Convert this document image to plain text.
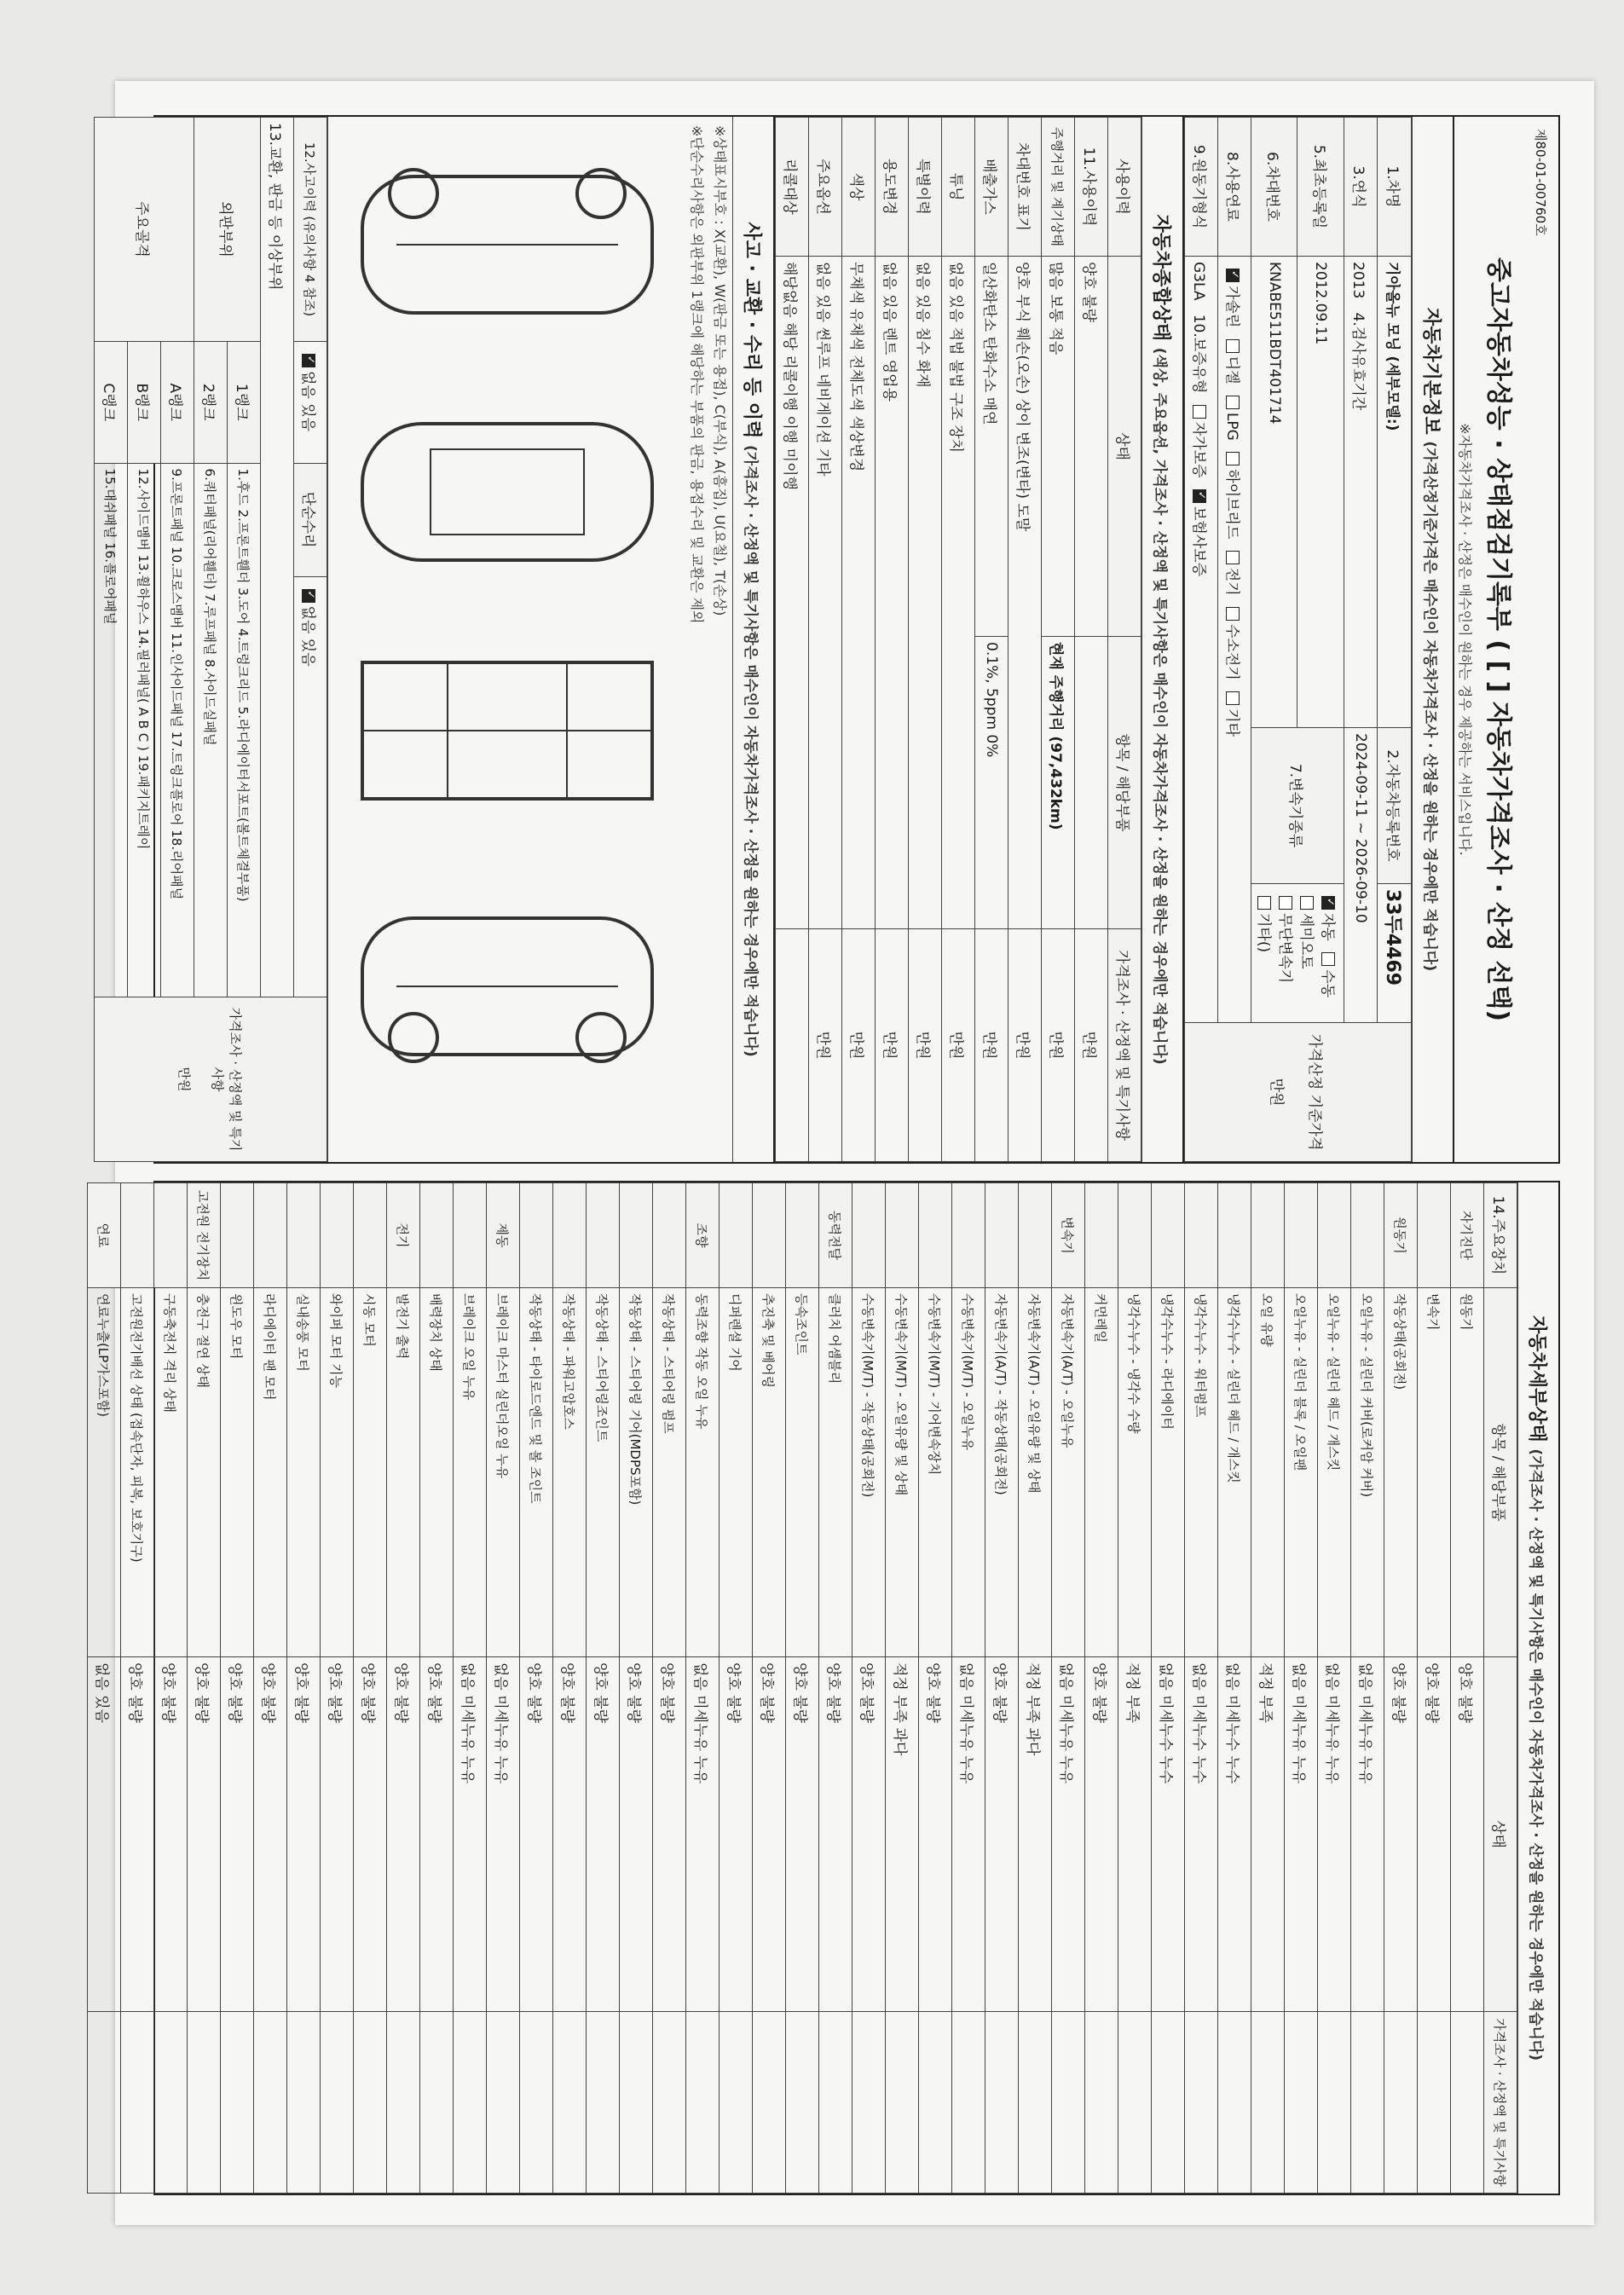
제80-01-00760호
중고자동차성능 · 상태점검기록부 ( [ ] 자동차가격조사 · 산정 선택)
※자동차가격조사 · 산정은 매수인이 원하는 경우 제공하는 서비스입니다.
자동차기본정보 (가격산정기준가격은 매수인이 자동차가격조사 · 산정을 원하는 경우에만 적습니다)
1.차명	기아올뉴 모닝 (세부모델:)	2.자동차등록번호	33두4469	가격산정 기준가격

만원
3.연식	2013   4.검사유효기간	2024-09-11 ~ 2026-09-10		
5.최초등록일	2012.09.11	7.변속기종류	✓자동 수동 세미오토
무단변속기 기타()
6.차대번호	KNABE511BDT401714			
8.사용연료	✓가솔린 디젤 LPG 하이브리드 전기 수소전기 기타
9.원동기형식	G3LA   10.보증유형 자가보증 ✓보험사보증
자동차종합상태 (색상, 주요옵션, 가격조사 · 산정액 및 특기사항은 매수인이 자동차가격조사 · 산정을 원하는 경우에만 적습니다)
사용이력	상태	항목 / 해당부품	가격조사 · 산정액 및 특기사항
11.사용이력	양호 불량		만원
주행거리 및 계기상태	많음 보통 적음	현재 주행거리 (97,432km)	만원
차대번호 표기	양호 부식 훼손(오손) 상이 변조(변타) 도말		만원
배출가스	일산화탄소 탄화수소 매연	0.1%, 5ppm 0%	만원
튜닝	없음 있음 적법 불법 구조 장치		만원
특별이력	없음 있음 침수 화재		만원
용도변경	없음 있음 렌트 영업용		만원
색상	무채색 유채색 전체도색 색상변경		만원
주요옵션	없음 있음 썬루프 네비게이션 기타		만원
리콜대상	해당없음 해당 리콜이행 이행 미이행		
사고 · 교환 · 수리 등 이력 (가격조사 · 산정액 및 특기사항은 매수인이 자동차가격조사 · 산정을 원하는 경우에만 적습니다)
※상태표시부호 : X(교환), W(판금 또는 용접), C(부식), A(흠집), U(요철), T(손상)
※단순수리사항은 외판부위 1랭크에 해당하는 부품의 판금, 용접수리 및 교환은 제외
12.사고이력 (유의사항 4 참조)	✓없음 있음	단순수리	✓없음 있음	가격조사 · 산정액 및 특기사항

만원
13.교환, 판금 등 이상부위				
외판부위	1랭크	1.후드 2.프론트휀더 3.도어 4.트렁크리드 5.라디에이터서포트(볼트체결부품)		
	2랭크	6.쿼터패널(리어휀더) 7.루프패널 8.사이드실패널		
주요골격	A랭크	9.프론트패널 10.크로스멤버 11.인사이드패널 17.트렁크플로어 18.리어패널		
	B랭크	12.사이드멤버 13.휠하우스 14.필러패널( A B C ) 19.패키지트레이		
	C랭크	15.대쉬패널 16.플로어패널		
자동차세부상태 (가격조사 · 산정액 및 특기사항은 매수인이 자동차가격조사 · 산정을 원하는 경우에만 적습니다)
14.주요장치	항목 / 해당부품	상태	가격조사 · 산정액 및 특기사항
자기진단	원동기	양호 불량	
	변속기	양호 불량	
원동기	작동상태(공회전)	양호 불량	
	오일누유 - 실린더 커버(로커암 커버)	없음 미세누유 누유	
	오일누유 - 실린더 헤드 / 개스킷	없음 미세누유 누유	
	오일누유 - 실린더 블록 / 오일팬	없음 미세누유 누유	
	오일 유량	적정 부족	
	냉각수누수 - 실린더 헤드 / 개스킷	없음 미세누수 누수	
	냉각수누수 - 워터펌프	없음 미세누수 누수	
	냉각수누수 - 라디에이터	없음 미세누수 누수	
	냉각수누수 - 냉각수 수량	적정 부족	
	커먼레일	양호 불량	
변속기	자동변속기(A/T) - 오일누유	없음 미세누유 누유	
	자동변속기(A/T) - 오일유량 및 상태	적정 부족 과다	
	자동변속기(A/T) - 작동상태(공회전)	양호 불량	
	수동변속기(M/T) - 오일누유	없음 미세누유 누유	
	수동변속기(M/T) - 기어변속장치	양호 불량	
	수동변속기(M/T) - 오일유량 및 상태	적정 부족 과다	
	수동변속기(M/T) - 작동상태(공회전)	양호 불량	
동력전달	클러치 어셈블리	양호 불량	
	등속조인트	양호 불량	
	추진축 및 베어링	양호 불량	
	디퍼렌셜 기어	양호 불량	
조향	동력조향 작동 오일 누유	없음 미세누유 누유	
	작동상태 - 스티어링 펌프	양호 불량	
	작동상태 - 스티어링 기어(MDPS포함)	양호 불량	
	작동상태 - 스티어링조인트	양호 불량	
	작동상태 - 파워고압호스	양호 불량	
	작동상태 - 타이로드엔드 및 볼 조인트	양호 불량	
제동	브레이크 마스터 실린더오일 누유	없음 미세누유 누유	
	브레이크 오일 누유	없음 미세누유 누유	
	배력장치 상태	양호 불량	
전기	발전기 출력	양호 불량	
	시동 모터	양호 불량	
	와이퍼 모터 기능	양호 불량	
	실내송풍 모터	양호 불량	
	라디에이터 팬 모터	양호 불량	
	윈도우 모터	양호 불량	
고전원 전기장치	충전구 절연 상태	양호 불량	
	구동축전지 격리 상태	양호 불량	
	고전원전기배선 상태 (접속단자, 피복, 보호기구)	양호 불량	
연료	연료누출(LP가스포함)	없음 있음	
